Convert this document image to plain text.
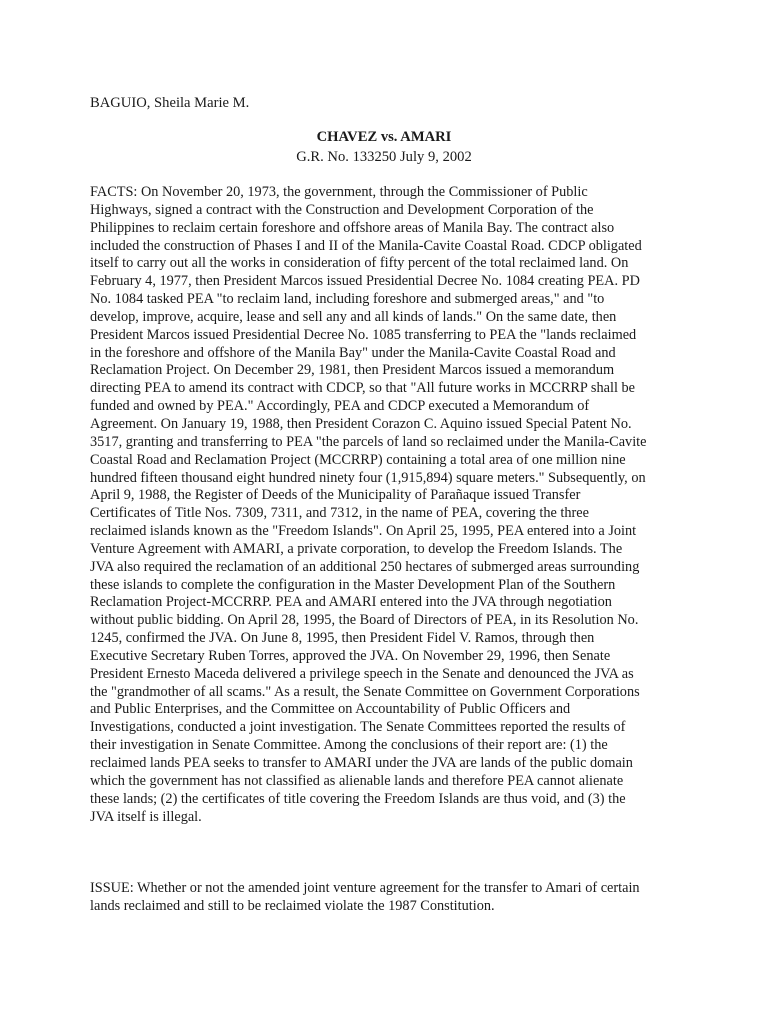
BAGUIO, Sheila Marie M.
CHAVEZ vs. AMARI
G.R. No. 133250 July 9, 2002
FACTS: On November 20, 1973, the government, through the Commissioner of Public
Highways, signed a contract with the Construction and Development Corporation of the
Philippines to reclaim certain foreshore and offshore areas of Manila Bay. The contract also
included the construction of Phases I and II of the Manila-Cavite Coastal Road. CDCP obligated
itself to carry out all the works in consideration of fifty percent of the total reclaimed land. On
February 4, 1977, then President Marcos issued Presidential Decree No. 1084 creating PEA. PD
No. 1084 tasked PEA "to reclaim land, including foreshore and submerged areas," and "to
develop, improve, acquire, lease and sell any and all kinds of lands." On the same date, then
President Marcos issued Presidential Decree No. 1085 transferring to PEA the "lands reclaimed
in the foreshore and offshore of the Manila Bay" under the Manila-Cavite Coastal Road and
Reclamation Project. On December 29, 1981, then President Marcos issued a memorandum
directing PEA to amend its contract with CDCP, so that "All future works in MCCRRP shall be
funded and owned by PEA." Accordingly, PEA and CDCP executed a Memorandum of
Agreement. On January 19, 1988, then President Corazon C. Aquino issued Special Patent No.
3517, granting and transferring to PEA "the parcels of land so reclaimed under the Manila-Cavite
Coastal Road and Reclamation Project (MCCRRP) containing a total area of one million nine
hundred fifteen thousand eight hundred ninety four (1,915,894) square meters." Subsequently, on
April 9, 1988, the Register of Deeds of the Municipality of Parañaque issued Transfer
Certificates of Title Nos. 7309, 7311, and 7312, in the name of PEA, covering the three
reclaimed islands known as the "Freedom Islands". On April 25, 1995, PEA entered into a Joint
Venture Agreement with AMARI, a private corporation, to develop the Freedom Islands. The
JVA also required the reclamation of an additional 250 hectares of submerged areas surrounding
these islands to complete the configuration in the Master Development Plan of the Southern
Reclamation Project-MCCRRP. PEA and AMARI entered into the JVA through negotiation
without public bidding. On April 28, 1995, the Board of Directors of PEA, in its Resolution No.
1245, confirmed the JVA. On June 8, 1995, then President Fidel V. Ramos, through then
Executive Secretary Ruben Torres, approved the JVA. On November 29, 1996, then Senate
President Ernesto Maceda delivered a privilege speech in the Senate and denounced the JVA as
the "grandmother of all scams." As a result, the Senate Committee on Government Corporations
and Public Enterprises, and the Committee on Accountability of Public Officers and
Investigations, conducted a joint investigation. The Senate Committees reported the results of
their investigation in Senate Committee. Among the conclusions of their report are: (1) the
reclaimed lands PEA seeks to transfer to AMARI under the JVA are lands of the public domain
which the government has not classified as alienable lands and therefore PEA cannot alienate
these lands; (2) the certificates of title covering the Freedom Islands are thus void, and (3) the
JVA itself is illegal.
ISSUE: Whether or not the amended joint venture agreement for the transfer to Amari of certain
lands reclaimed and still to be reclaimed violate the 1987 Constitution.
